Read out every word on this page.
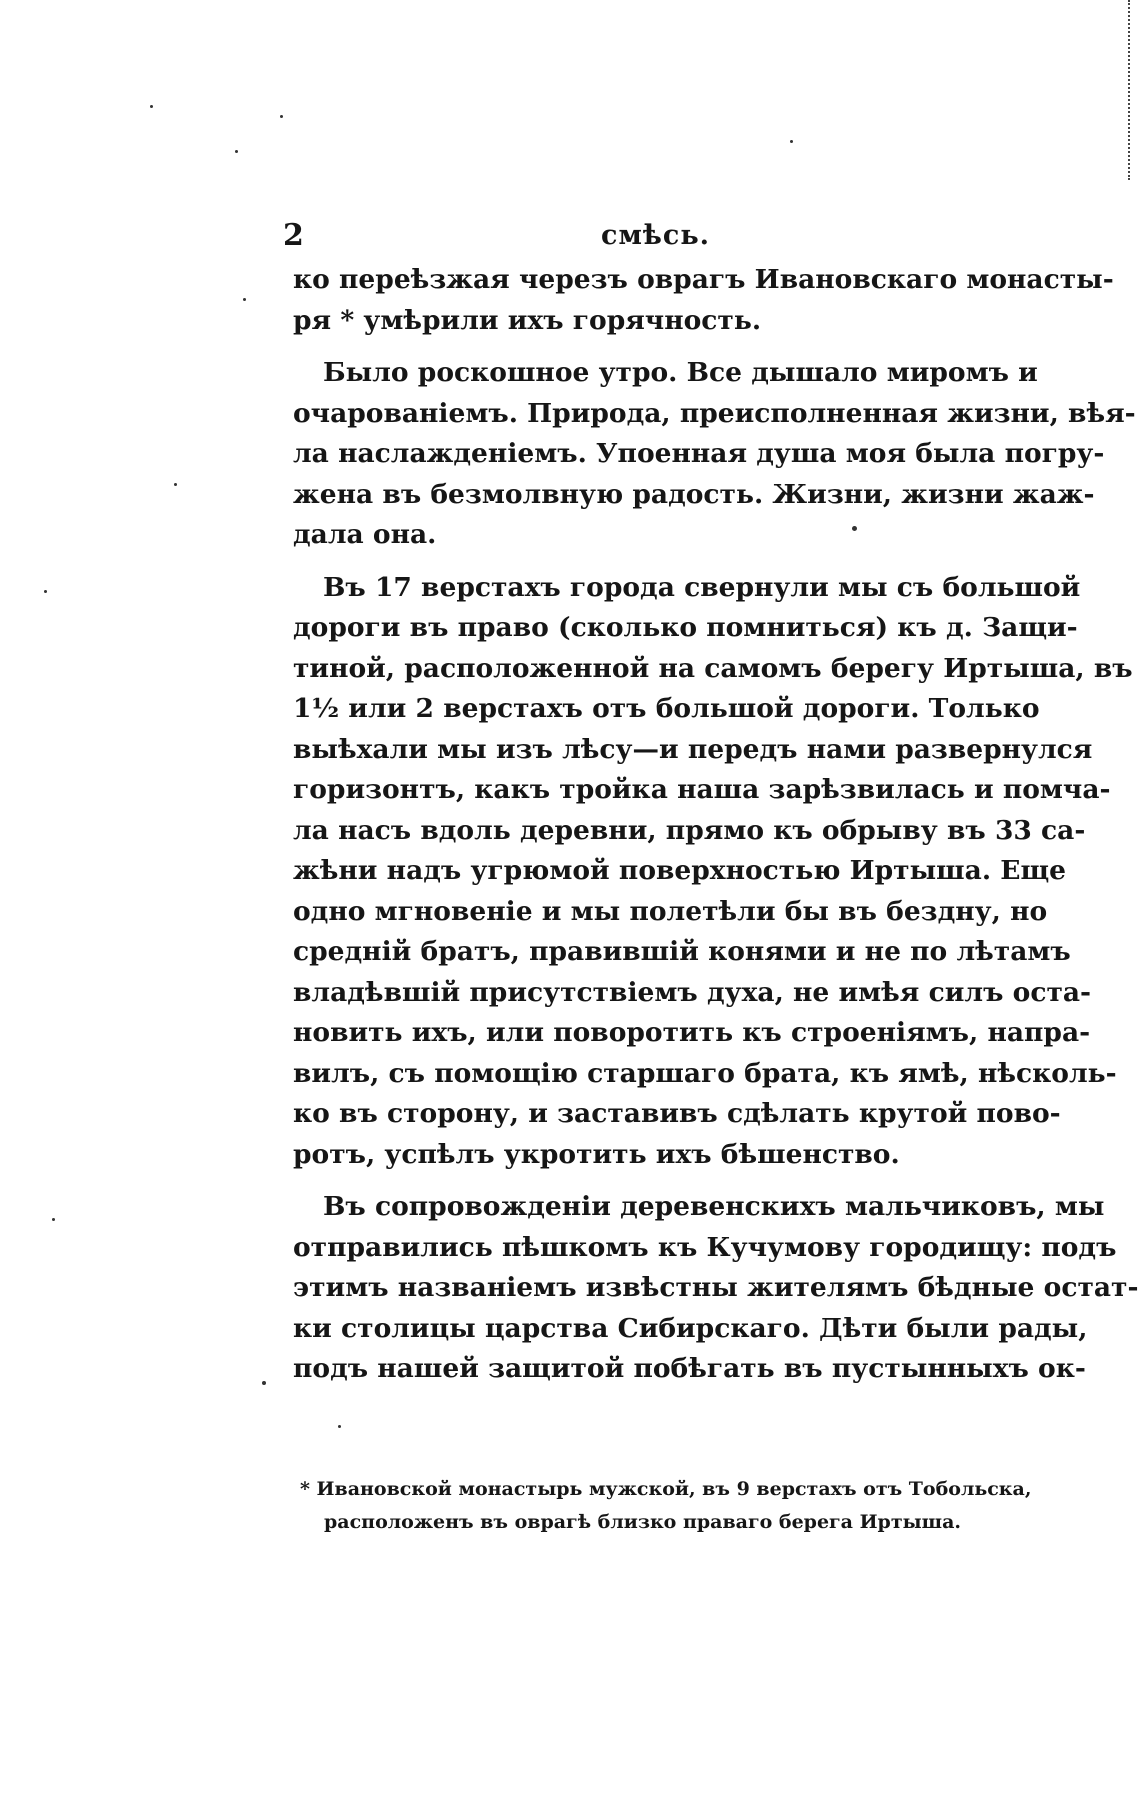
2	смѣсь.
ко переѣзжая черезъ оврагъ Ивановскаго монасты-
ря * умѣрили ихъ горячность.
Было роскошное утро. Все дышало миромъ и
очарованіемъ. Природа, преисполненная жизни, вѣя-
ла наслажденіемъ. Упоенная душа моя была погру-
жена въ безмолвную радость. Жизни, жизни жаж-
дала она.
Въ 17 верстахъ города свернули мы съ большой
дороги въ право (сколько помниться) къ д. Защи-
тиной, расположенной на самомъ берегу Иртыша, въ
1½ или 2 верстахъ отъ большой дороги. Только
выѣхали мы изъ лѣсу—и передъ нами развернулся
горизонтъ, какъ тройка наша зарѣзвилась и помча-
ла насъ вдоль деревни, прямо къ обрыву въ 33 са-
жѣни надъ угрюмой поверхностью Иртыша. Еще
одно мгновеніе и мы полетѣли бы въ бездну, но
средній братъ, правившій конями и не по лѣтамъ
владѣвшій присутствіемъ духа, не имѣя силъ оста-
новить ихъ, или поворотить къ строеніямъ, напра-
вилъ, съ помощію старшаго брата, къ ямѣ, нѣсколь-
ко въ сторону, и заставивъ сдѣлать крутой пово-
ротъ, успѣлъ укротить ихъ бѣшенство.
Въ сопровожденіи деревенскихъ мальчиковъ, мы
отправились пѣшкомъ къ Кучумову городищу: подъ
этимъ названіемъ извѣстны жителямъ бѣдные остат-
ки столицы царства Сибирскаго. Дѣти были рады,
подъ нашей защитой побѣгать въ пустынныхъ ок-
* Ивановской монастырь мужской, въ 9 верстахъ отъ Тобольска,
расположенъ въ оврагѣ близко праваго берега Иртыша.
